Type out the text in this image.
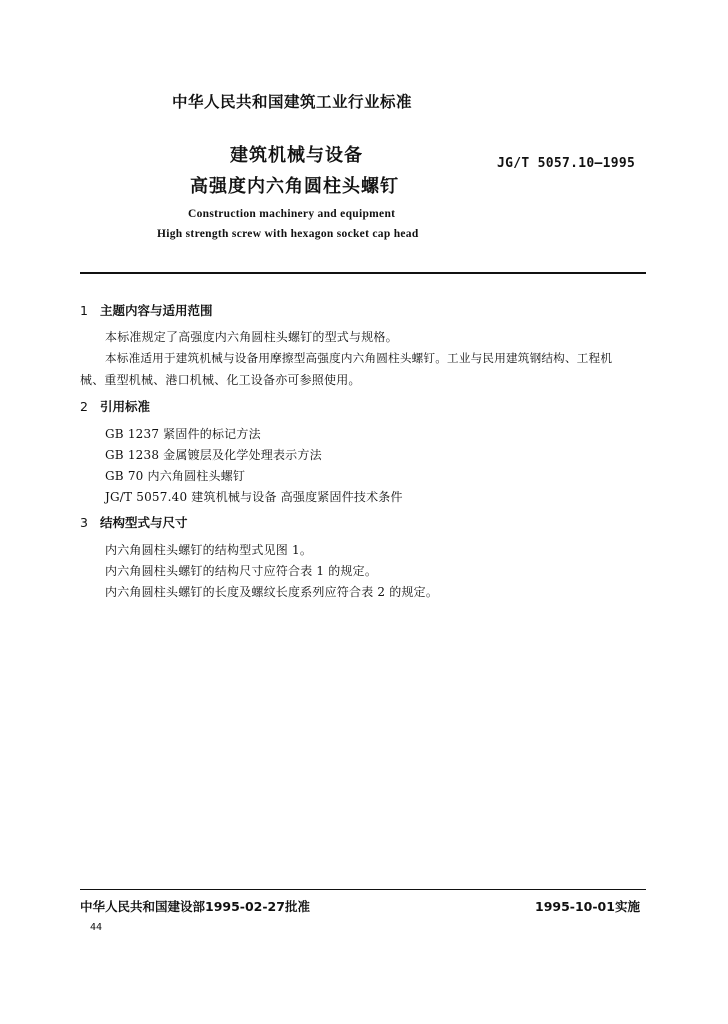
中华人民共和国建筑工业行业标准
建筑机械与设备
高强度内六角圆柱头螺钉
JG/T 5057.10—1995
Construction machinery and equipment
High strength screw with hexagon socket cap head
1 主题内容与适用范围
本标准规定了高强度内六角圆柱头螺钉的型式与规格。
本标准适用于建筑机械与设备用摩擦型高强度内六角圆柱头螺钉。工业与民用建筑钢结构、工程机
械、重型机械、港口机械、化工设备亦可参照使用。
2 引用标准
GB 1237 紧固件的标记方法
GB 1238 金属镀层及化学处理表示方法
GB 70 内六角圆柱头螺钉
JG/T 5057.40 建筑机械与设备 高强度紧固件技术条件
3 结构型式与尺寸
内六角圆柱头螺钉的结构型式见图 1。
内六角圆柱头螺钉的结构尺寸应符合表 1 的规定。
内六角圆柱头螺钉的长度及螺纹长度系列应符合表 2 的规定。
中华人民共和国建设部1995-02-27批准	1995-10-01实施
44
